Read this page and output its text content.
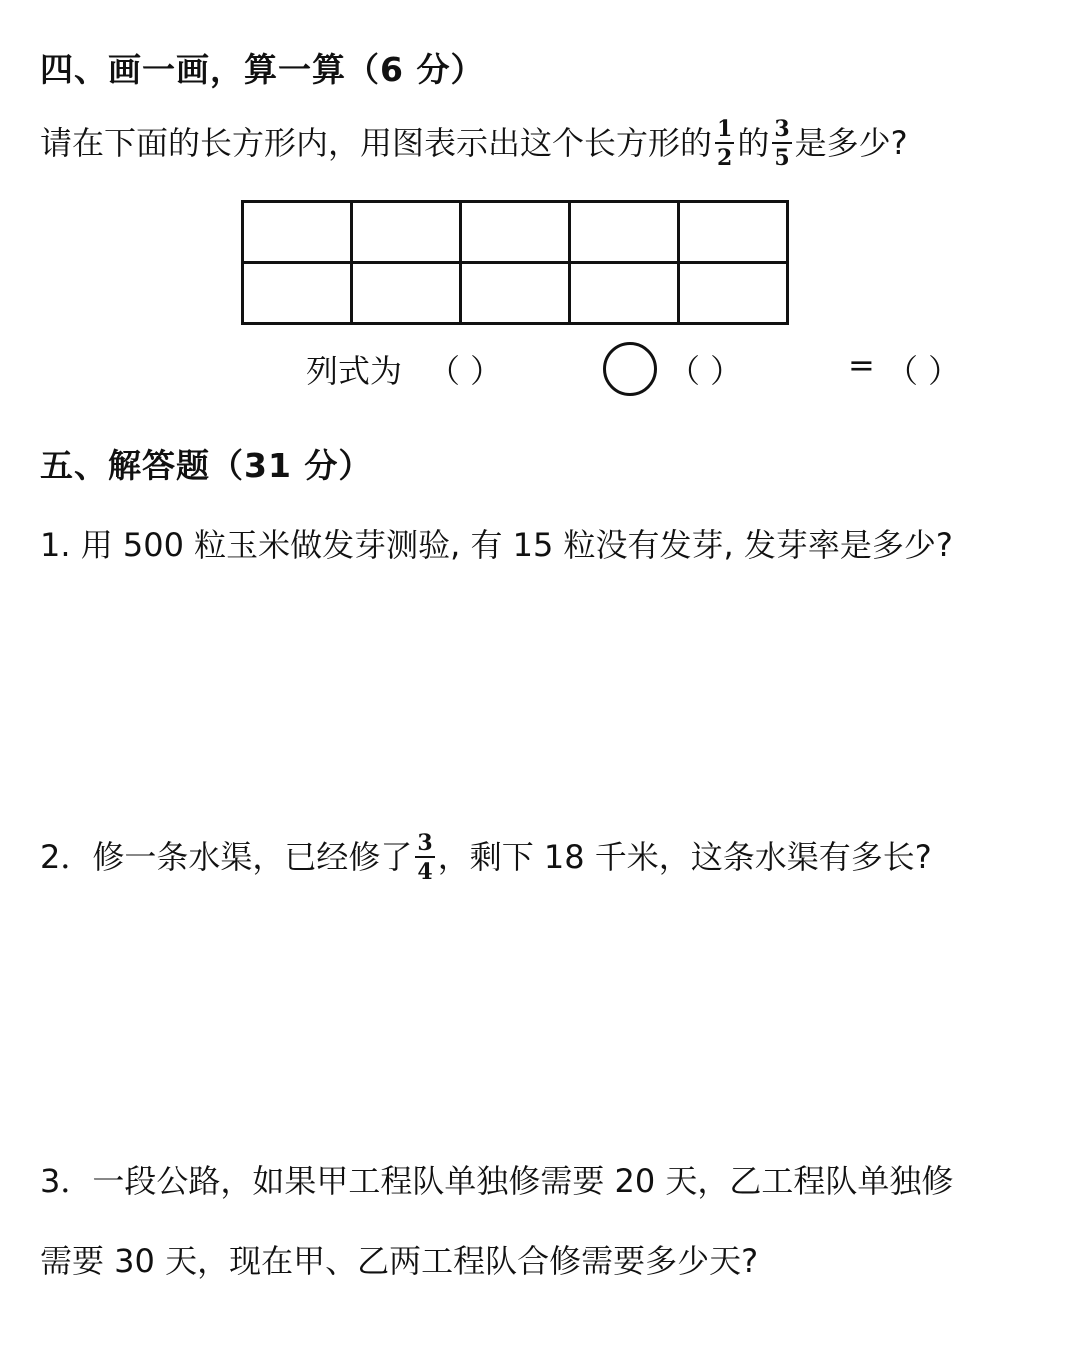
四、画一画，算一算（6 分）
请在下面的长方形内，用图表示出这个长方形的 $\frac{1}{2}$ 的 $\frac{3}{5}$ 是多少?
列式为 （ ）	（ ）	= （ ）
五、解答题（31 分）
1. 用 500 粒玉米做发芽测验, 有 15 粒没有发芽, 发芽率是多少?
2．修一条水渠，已经修了 $\frac{3}{4}$ ，剩下 18 千米，这条水渠有多长?
3．一段公路，如果甲工程队单独修需要 20 天，乙工程队单独修
需要 30 天，现在甲、乙两工程队合修需要多少天?
